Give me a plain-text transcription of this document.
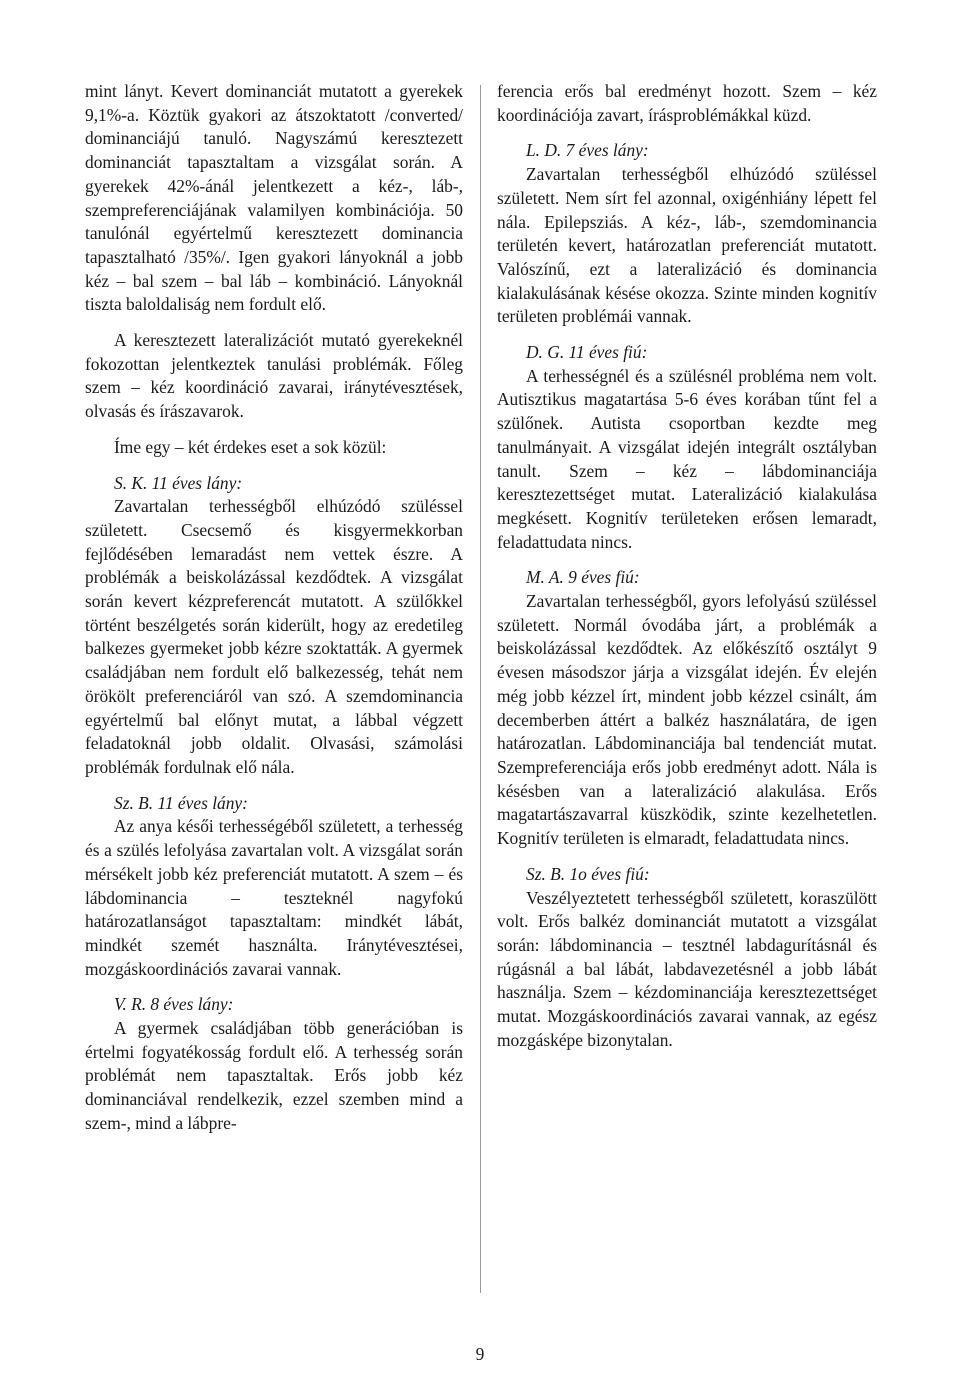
mint lányt. Kevert dominanciát mutatott a gyerekek 9,1%-a. Köztük gyakori az átszoktatott /converted/ dominanciájú tanuló. Nagyszámú keresztezett dominanciát tapasztaltam a vizsgálat során. A gyerekek 42%-ánál jelentkezett a kéz-, láb-, szempreferenciájának valamilyen kombinációja. 50 tanulónál egyértelmű keresztezett dominancia tapasztalható /35%/. Igen gyakori lányoknál a jobb kéz – bal szem – bal láb – kombináció. Lányoknál tiszta baloldaliság nem fordult elő.

A keresztezett lateralizációt mutató gyerekeknél fokozottan jelentkeztek tanulási problémák. Főleg szem – kéz koordináció zavarai, iránytévesztések, olvasás és írászavarok.

Íme egy – két érdekes eset a sok közül:

S. K. 11 éves lány:

Zavartalan terhességből elhúzódó szüléssel született. Csecsemő és kisgyermekkorban fejlődésében lemaradást nem vettek észre. A problémák a beiskolázással kezdődtek. A vizsgálat során kevert kézpreferencát mutatott. A szülőkkel történt beszélgetés során kiderült, hogy az eredetileg balkezes gyermeket jobb kézre szoktatták. A gyermek családjában nem fordult elő balkezesség, tehát nem örökölt preferenciáról van szó. A szemdominancia egyértelmű bal előnyt mutat, a lábbal végzett feladatoknál jobb oldalit. Olvasási, számolási problémák fordulnak elő nála.

Sz. B. 11 éves lány:

Az anya késői terhességéből született, a terhesség és a szülés lefolyása zavartalan volt. A vizsgálat során mérsékelt jobb kéz preferenciát mutatott. A szem – és lábdominancia – teszteknél nagyfokú határozatlanságot tapasztaltam: mindkét lábát, mindkét szemét használta. Iránytévesztései, mozgáskoordinációs zavarai vannak.

V. R. 8 éves lány:

A gyermek családjában több generációban is értelmi fogyatékosság fordult elő. A terhesség során problémát nem tapasztaltak. Erős jobb kéz dominanciával rendelkezik, ezzel szemben mind a szem-, mind a lábpre-

ferencia erős bal eredményt hozott. Szem – kéz koordinációja zavart, írásproblémákkal küzd.

L. D. 7 éves lány:

Zavartalan terhességből elhúzódó szüléssel született. Nem sírt fel azonnal, oxigénhiány lépett fel nála. Epilepsziás. A kéz-, láb-, szemdominancia területén kevert, határozatlan preferenciát mutatott. Valószínű, ezt a lateralizáció és dominancia kialakulásának késése okozza. Szinte minden kognitív területen problémái vannak.

D. G. 11 éves fiú:

A terhességnél és a szülésnél probléma nem volt. Autisztikus magatartása 5-6 éves korában tűnt fel a szülőnek. Autista csoportban kezdte meg tanulmányait. A vizsgálat idején integrált osztályban tanult. Szem – kéz – lábdominanciája keresztezettséget mutat. Lateralizáció kialakulása megkésett. Kognitív területeken erősen lemaradt, feladattudata nincs.

M. A. 9 éves fiú:

Zavartalan terhességből, gyors lefolyású szüléssel született. Normál óvodába járt, a problémák a beiskolázással kezdődtek. Az előkészítő osztályt 9 évesen másodszor járja a vizsgálat idején. Év elején még jobb kézzel írt, mindent jobb kézzel csinált, ám decemberben áttért a balkéz használatára, de igen határozatlan. Lábdominanciája bal tendenciát mutat. Szempreferenciája erős jobb eredményt adott. Nála is késésben van a lateralizáció alakulása. Erős magatartászavarral küszködik, szinte kezelhetetlen. Kognitív területen is elmaradt, feladattudata nincs.

Sz. B. 1o éves fiú:

Veszélyeztetett terhességből született, koraszülött volt. Erős balkéz dominanciát mutatott a vizsgálat során: lábdominancia – tesztnél labdagurításnál és rúgásnál a bal lábát, labdavezetésnél a jobb lábát használja. Szem – kézdominanciája keresztezettséget mutat. Mozgáskoordinációs zavarai vannak, az egész mozgásképe bizonytalan.

9
